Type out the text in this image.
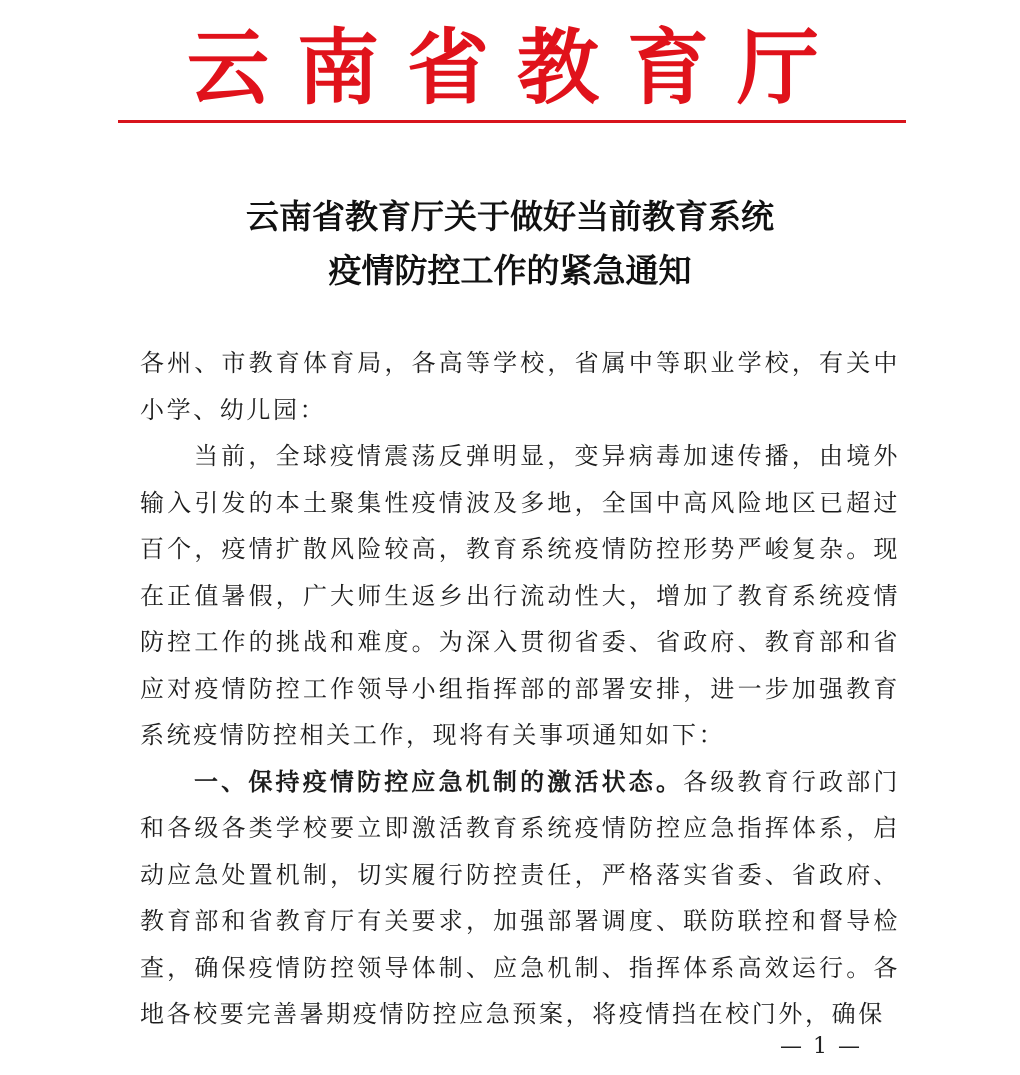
云南省教育厅
云南省教育厅关于做好当前教育系统
疫情防控工作的紧急通知

各州、市教育体育局，各高等学校，省属中等职业学校，有关中小学、幼儿园：

当前，全球疫情震荡反弹明显，变异病毒加速传播，由境外输入引发的本土聚集性疫情波及多地，全国中高风险地区已超过百个，疫情扩散风险较高，教育系统疫情防控形势严峻复杂。现在正值暑假，广大师生返乡出行流动性大，增加了教育系统疫情防控工作的挑战和难度。为深入贯彻省委、省政府、教育部和省应对疫情防控工作领导小组指挥部的部署安排，进一步加强教育系统疫情防控相关工作，现将有关事项通知如下：

一、保持疫情防控应急机制的激活状态。各级教育行政部门和各级各类学校要立即激活教育系统疫情防控应急指挥体系，启动应急处置机制，切实履行防控责任，严格落实省委、省政府、教育部和省教育厅有关要求，加强部署调度、联防联控和督导检查，确保疫情防控领导体制、应急机制、指挥体系高效运行。各地各校要完善暑期疫情防控应急预案，将疫情挡在校门外，确保

— 1 —
